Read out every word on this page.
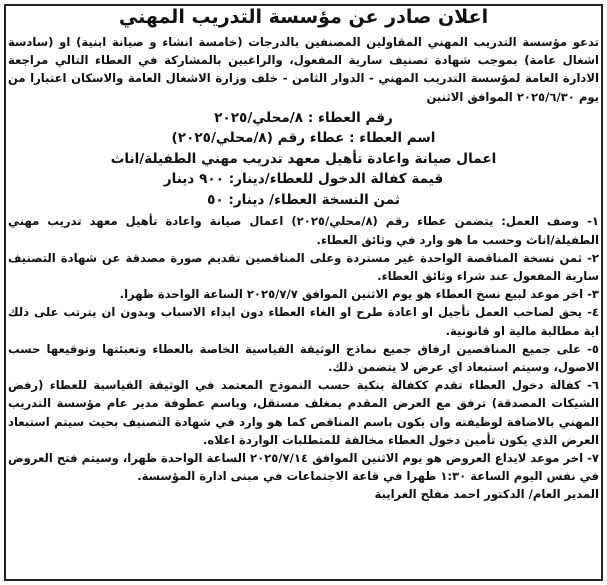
اعلان صادر عن مؤسسة التدريب المهني

تدعو مؤسسة التدريب المهني المقاولين المصنفين بالدرجات (خامسة انشاء و صيانة ابنية) او (سادسة اشغال عامة) بموجب شهادة تصنيف سارية المفعول، والراغبين بالمشاركة في العطاء التالي مراجعة الادارة العامة لمؤسسة التدريب المهني - الدوار الثامن - خلف وزارة الاشغال العامة والاسكان اعتبارا من يوم ٢٠٢٥/٦/٣٠ الموافق الاثنين

رقم العطاء : ٨/محلي/٢٠٢٥
اسم العطاء : عطاء رقم (٨/محلي/٢٠٢٥)
اعمال صيانة واعادة تأهيل معهد تدريب مهني الطفيلة/اناث
قيمة كفالة الدخول للعطاء/دينار: ٩٠٠ دينار
ثمن النسخة العطاء/ دينار: ٥٠

١- وصف العمل: يتضمن عطاء رقم (٨/محلي/٢٠٢٥) اعمال صيانة واعادة تأهيل معهد تدريب مهني الطفيلة/اناث وحسب ما هو وارد في وثائق العطاء.

٢- ثمن نسخة المناقصة الواحدة غير مستردة وعلى المناقصين تقديم صورة مصدقة عن شهادة التصنيف سارية المفعول عند شراء وثائق العطاء.

٣- اخر موعد لبيع نسخ العطاء هو يوم الاثنين الموافق ٢٠٢٥/٧/٧ الساعة الواحدة ظهرا.

٤- يحق لصاحب العمل تأجيل او اعادة طرح او الغاء العطاء دون ابداء الاسباب وبدون ان يترتب على ذلك اية مطالبة مالية او قانونية.

٥- على جميع المناقصين ارفاق جميع نماذج الوثيقة القياسية الخاصة بالعطاء وتعبئتها وتوقيعها حسب الاصول، وسيتم استبعاد اي عرض لا يتضمن ذلك.

٦- كفالة دخول العطاء تقدم ككفالة بنكية حسب النموذج المعتمد في الوثيقة القياسية للعطاء (رفض الشيكات المصدقة) ترفق مع العرض المقدم بمغلف مستقل، وباسم عطوفة مدير عام مؤسسة التدريب المهني بالاضافة لوظيفته وان يكون باسم المناقص كما هو وارد في شهادة التصنيف بحيث سيتم استبعاد العرض الذي يكون تأمين دخول العطاء مخالفة للمتطلبات الواردة اعلاه.

٧- اخر موعد لايداع العروض هو يوم الاثنين الموافق ٢٠٢٥/٧/١٤ الساعة الواحدة ظهرا، وسيتم فتح العروض في نفس اليوم الساعة ١:٣٠ ظهرا في قاعة الاجتماعات في مبنى ادارة المؤسسة.

المدير العام/ الدكتور احمد مفلح الغرايبة
